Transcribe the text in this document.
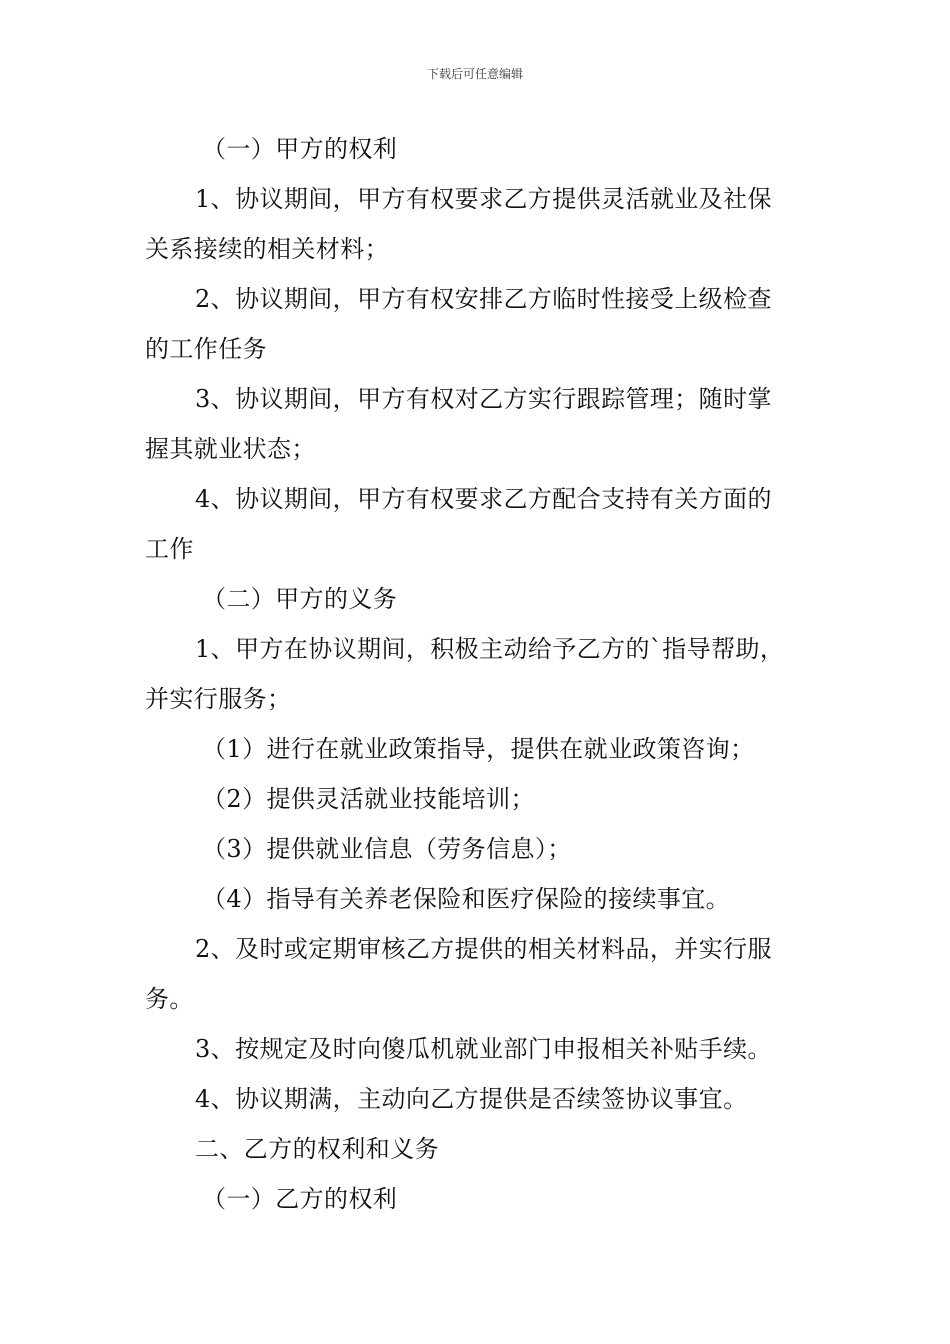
下载后可任意编辑

（一）甲方的权利

1、协议期间，甲方有权要求乙方提供灵活就业及社保
关系接续的相关材料；

2、协议期间，甲方有权安排乙方临时性接受上级检查
的工作任务

3、协议期间，甲方有权对乙方实行跟踪管理；随时掌
握其就业状态；

4、协议期间，甲方有权要求乙方配合支持有关方面的
工作

（二）甲方的义务

1、甲方在协议期间，积极主动给予乙方的`指导帮助，
并实行服务；

（1）进行在就业政策指导，提供在就业政策咨询；

（2）提供灵活就业技能培训；

（3）提供就业信息（劳务信息）；

（4）指导有关养老保险和医疗保险的接续事宜。

2、及时或定期审核乙方提供的相关材料品，并实行服
务。

3、按规定及时向傻瓜机就业部门申报相关补贴手续。

4、协议期满，主动向乙方提供是否续签协议事宜。

二、乙方的权利和义务

（一）乙方的权利
